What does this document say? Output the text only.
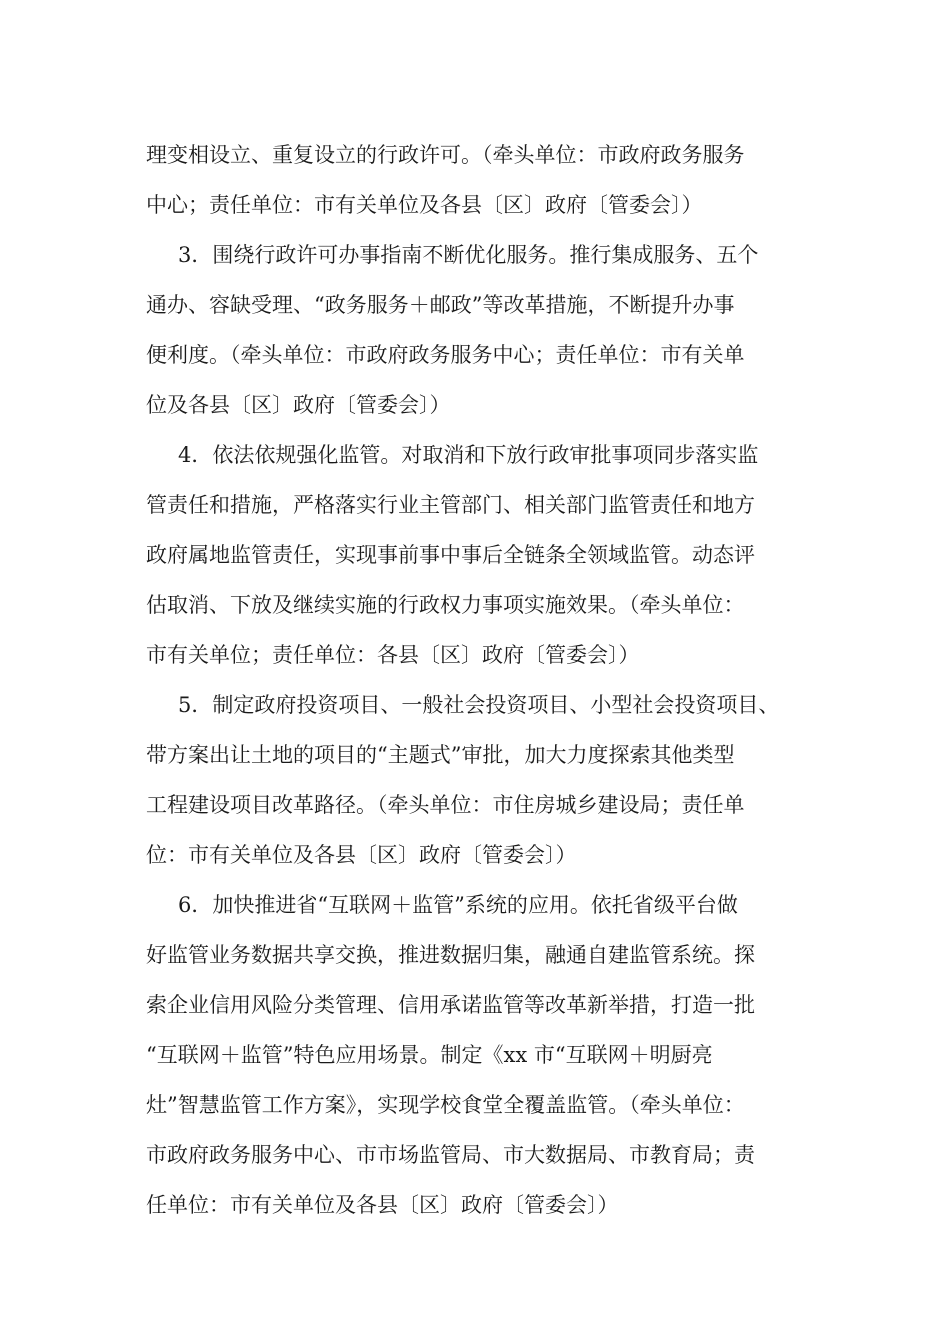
理变相设立、重复设立的行政许可。（牵头单位：市政府政务服务
中心；责任单位：市有关单位及各县〔区〕政府〔管委会〕）
3．围绕行政许可办事指南不断优化服务。推行集成服务、五个
通办、容缺受理、“政务服务＋邮政”等改革措施，不断提升办事
便利度。（牵头单位：市政府政务服务中心；责任单位：市有关单
位及各县〔区〕政府〔管委会〕）
4．依法依规强化监管。对取消和下放行政审批事项同步落实监
管责任和措施，严格落实行业主管部门、相关部门监管责任和地方
政府属地监管责任，实现事前事中事后全链条全领域监管。动态评
估取消、下放及继续实施的行政权力事项实施效果。（牵头单位：
市有关单位；责任单位：各县〔区〕政府〔管委会〕）
5．制定政府投资项目、一般社会投资项目、小型社会投资项目、
带方案出让土地的项目的“主题式”审批，加大力度探索其他类型
工程建设项目改革路径。（牵头单位：市住房城乡建设局；责任单
位：市有关单位及各县〔区〕政府〔管委会〕）
6．加快推进省“互联网＋监管”系统的应用。依托省级平台做
好监管业务数据共享交换，推进数据归集，融通自建监管系统。探
索企业信用风险分类管理、信用承诺监管等改革新举措，打造一批
“互联网＋监管”特色应用场景。制定《xx 市“互联网＋明厨亮
灶”智慧监管工作方案》，实现学校食堂全覆盖监管。（牵头单位：
市政府政务服务中心、市市场监管局、市大数据局、市教育局；责
任单位：市有关单位及各县〔区〕政府〔管委会〕）
